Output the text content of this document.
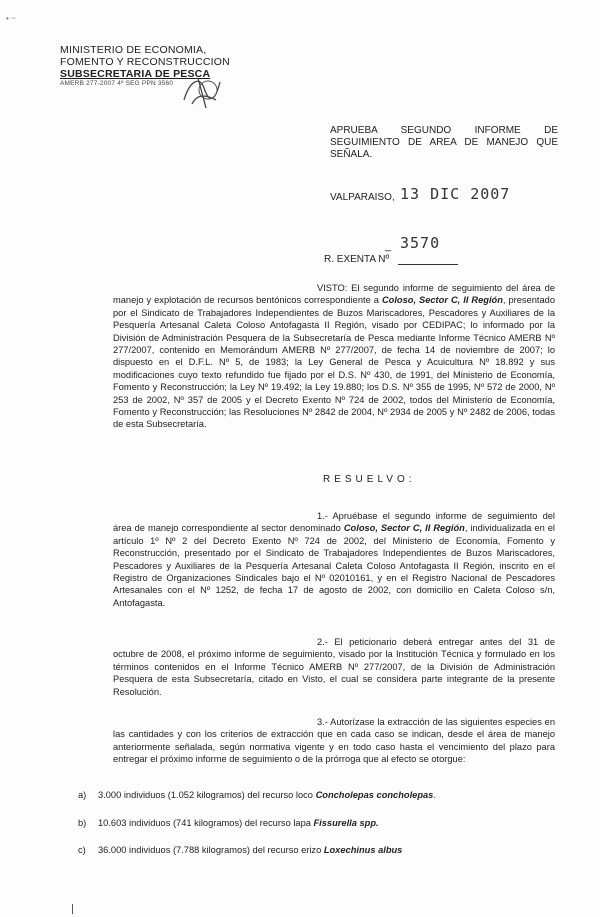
• ~
MINISTERIO DE ECONOMIA,
FOMENTO Y RECONSTRUCCION
SUBSECRETARIA DE PESCA
AMERB 277-2007 4º SEG PPN 3560
APRUEBA SEGUNDO INFORME DE SEGUIMIENTO DE AREA DE MANEJO QUE SEÑALA.
VALPARAISO, 13 DIC 2007
_ 3570
R. EXENTA Nº
VISTO: El segundo informe de seguimiento del área de manejo y explotación de recursos bentónicos correspondiente a Coloso, Sector C, II Región, presentado por el Sindicato de Trabajadores Independientes de Buzos Mariscadores, Pescadores y Auxiliares de la Pesquería Artesanal Caleta Coloso Antofagasta II Región, visado por CEDIPAC; lo informado por la División de Administración Pesquera de la Subsecretaría de Pesca mediante Informe Técnico AMERB Nº 277/2007, contenido en Memorándum AMERB Nº 277/2007, de fecha 14 de noviembre de 2007; lo dispuesto en el D.F.L. Nº 5, de 1983; la Ley General de Pesca y Acuicultura Nº 18.892 y sus modificaciones cuyo texto refundido fue fijado por el D.S. Nº 430, de 1991, del Ministerio de Economía, Fomento y Reconstrucción; la Ley Nº 19.492; la Ley 19.880; los D.S. Nº 355 de 1995, Nº 572 de 2000, Nº 253 de 2002, Nº 357 de 2005 y el Decreto Exento Nº 724 de 2002, todos del Ministerio de Economía, Fomento y Reconstrucción; las Resoluciones Nº 2842 de 2004, Nº 2934 de 2005 y Nº 2482 de 2006, todas de esta Subsecretaría.
RESUELVO:
1.- Apruébase el segundo informe de seguimiento del área de manejo correspondiente al sector denominado Coloso, Sector C, II Región, individualizada en el artículo 1º Nº 2 del Decreto Exento Nº 724 de 2002, del Ministerio de Economía, Fomento y Reconstrucción, presentado por el Sindicato de Trabajadores Independientes de Buzos Mariscadores, Pescadores y Auxiliares de la Pesquería Artesanal Caleta Coloso Antofagasta II Región, inscrito en el Registro de Organizaciones Sindicales bajo el Nº 02010161, y en el Registro Nacional de Pescadores Artesanales con el Nº 1252, de fecha 17 de agosto de 2002, con domicilio en Caleta Coloso s/n, Antofagasta.
2.- El peticionario deberá entregar antes del 31 de octubre de 2008, el próximo informe de seguimiento, visado por la Institución Técnica y formulado en los términos contenidos en el Informe Técnico AMERB Nº 277/2007, de la División de Administración Pesquera de esta Subsecretaría, citado en Visto, el cual se considera parte integrante de la presente Resolución.
3.- Autorízase la extracción de las siguientes especies en las cantidades y con los criterios de extracción que en cada caso se indican, desde el área de manejo anteriormente señalada, según normativa vigente y en todo caso hasta el vencimiento del plazo para entregar el próximo informe de seguimiento o de la prórroga que al efecto se otorgue:
a) 3.000 individuos (1.052 kilogramos) del recurso loco Concholepas concholepas.
b) 10.603 individuos (741 kilogramos) del recurso lapa Fissurella spp.
c) 36.000 individuos (7.788 kilogramos) del recurso erizo Loxechinus albus
